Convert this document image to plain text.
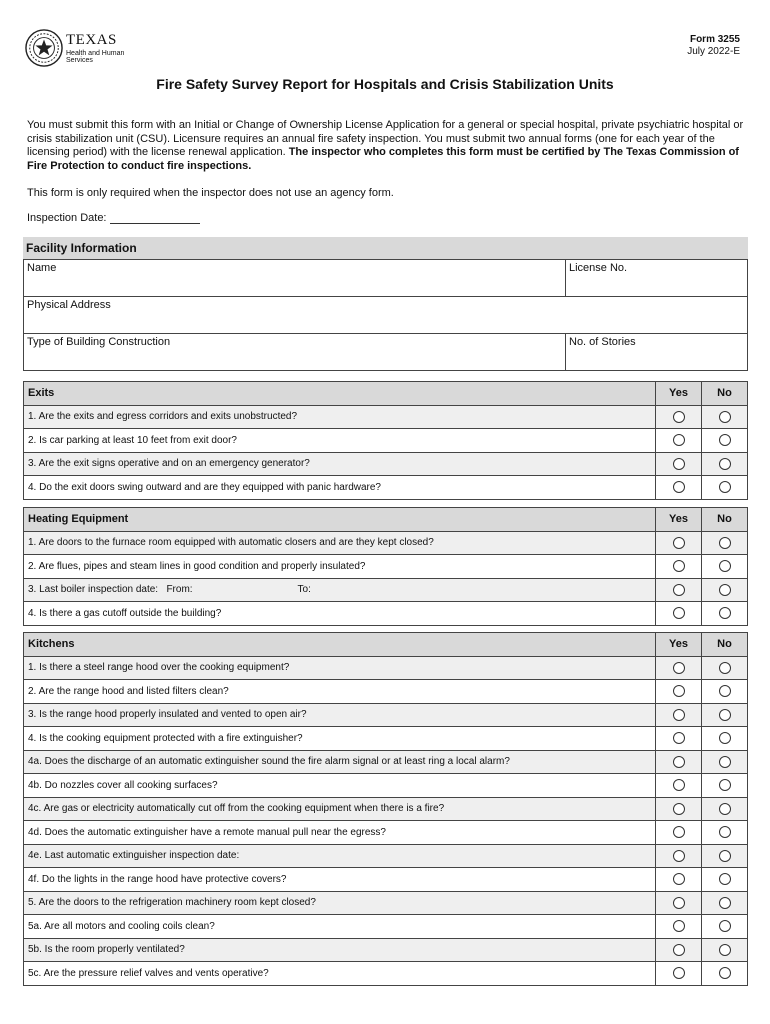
TEXAS
Health and Human
Services
Form 3255
July 2022-E
Fire Safety Survey Report for Hospitals and Crisis Stabilization Units

You must submit this form with an Initial or Change of Ownership License Application for a general or special hospital, private psychiatric hospital or crisis stabilization unit (CSU). Licensure requires an annual fire safety inspection. You must submit two annual forms (one for each year of the licensing period) with the license renewal application. The inspector who completes this form must be certified by The Texas Commission of Fire Protection to conduct fire inspections.

This form is only required when the inspector does not use an agency form.

Inspection Date:
Facility Information
Name	License No.
Physical Address	
Type of Building Construction	No. of Stories
Exits	Yes	No
1. Are the exits and egress corridors and exits unobstructed?		
2. Is car parking at least 10 feet from exit door?		
3. Are the exit signs operative and on an emergency generator?		
4. Do the exit doors swing outward and are they equipped with panic hardware?		
Heating Equipment	Yes	No
1. Are doors to the furnace room equipped with automatic closers and are they kept closed?		
2. Are flues, pipes and steam lines in good condition and properly insulated?		
3. Last boiler inspection date: From: To:		
4. Is there a gas cutoff outside the building?		
Kitchens	Yes	No
1. Is there a steel range hood over the cooking equipment?		
2. Are the range hood and listed filters clean?		
3. Is the range hood properly insulated and vented to open air?		
4. Is the cooking equipment protected with a fire extinguisher?		
4a. Does the discharge of an automatic extinguisher sound the fire alarm signal or at least ring a local alarm?		
4b. Do nozzles cover all cooking surfaces?		
4c. Are gas or electricity automatically cut off from the cooking equipment when there is a fire?		
4d. Does the automatic extinguisher have a remote manual pull near the egress?		
4e. Last automatic extinguisher inspection date:		
4f. Do the lights in the range hood have protective covers?		
5. Are the doors to the refrigeration machinery room kept closed?		
5a. Are all motors and cooling coils clean?		
5b. Is the room properly ventilated?		
5c. Are the pressure relief valves and vents operative?		
